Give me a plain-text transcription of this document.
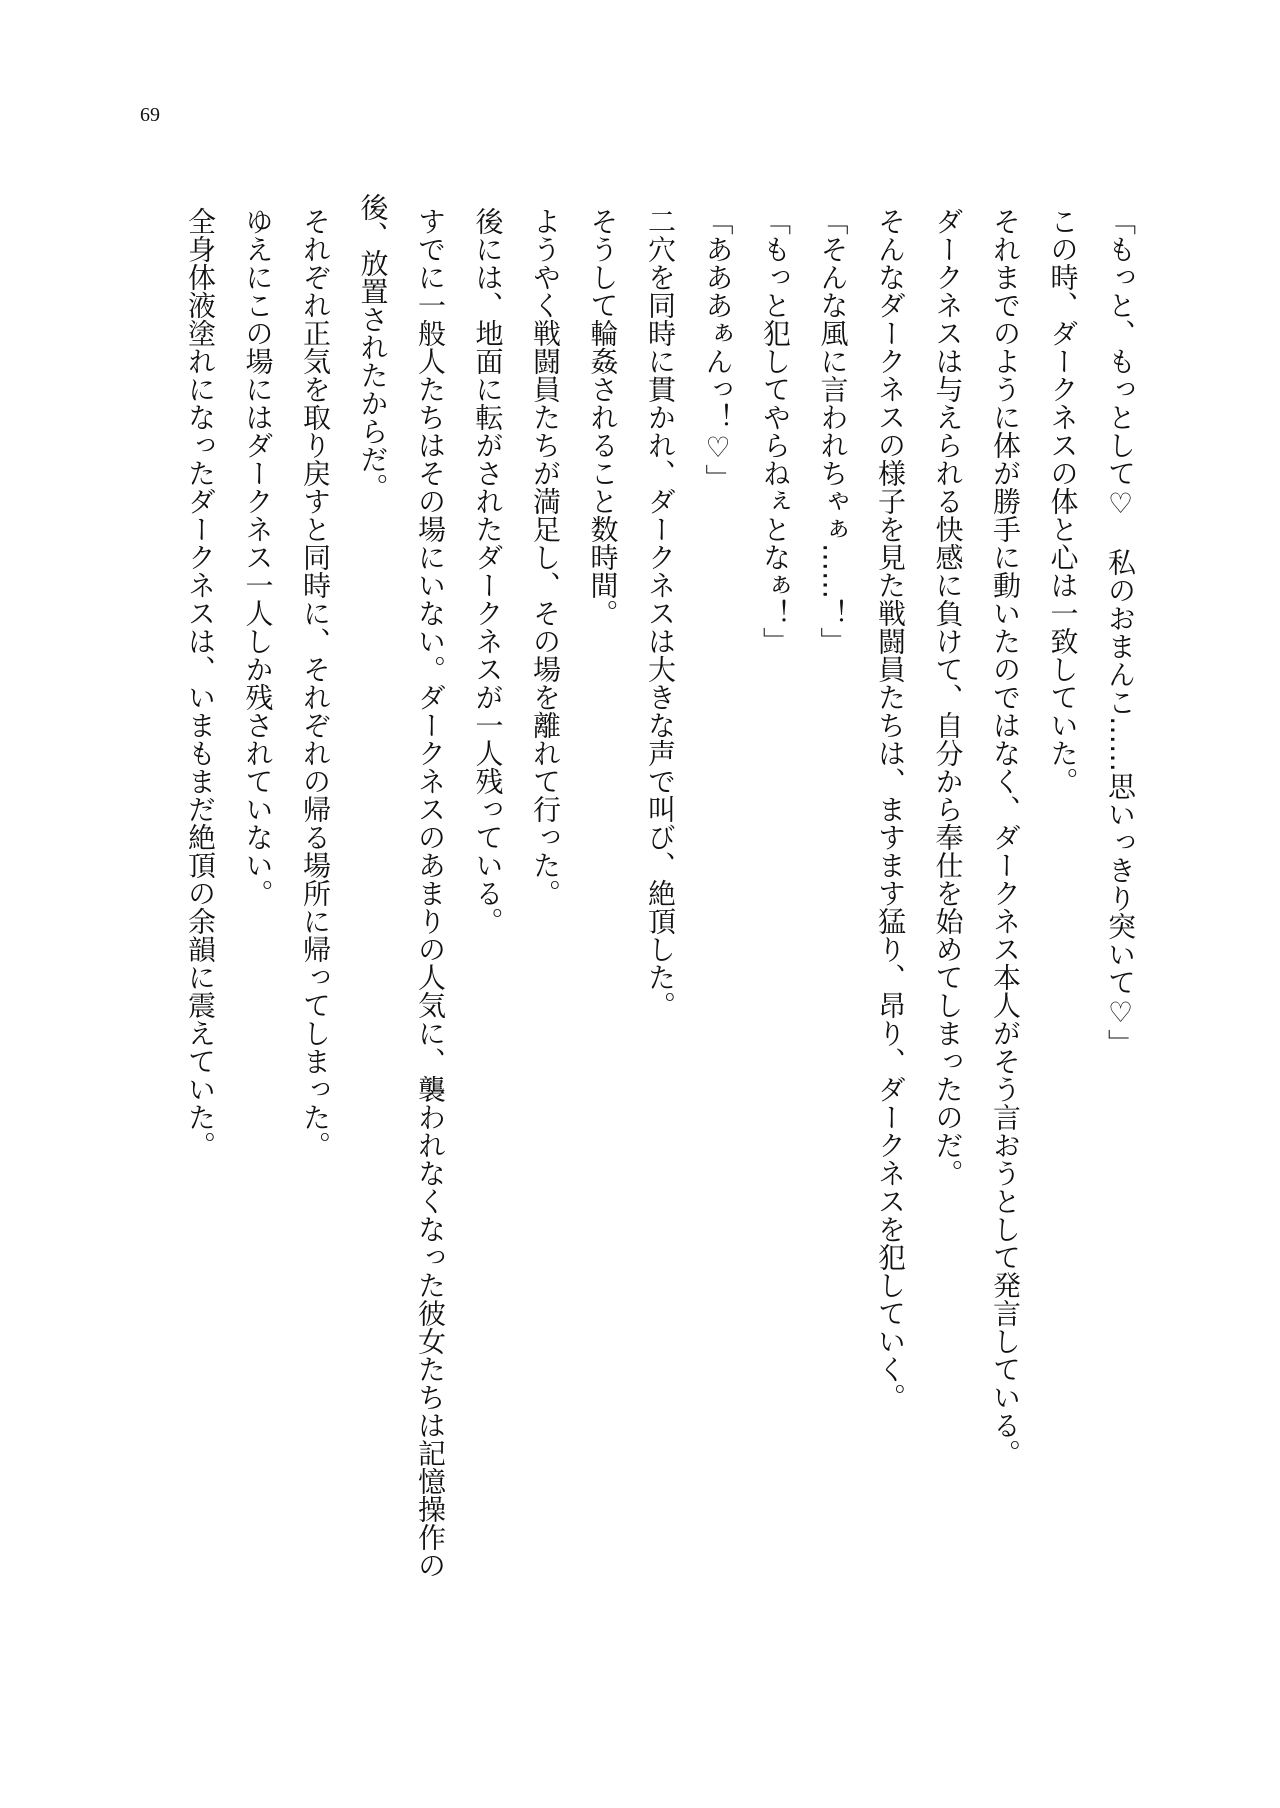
69
「もっと、もっとして♡　私のおまんこ……思いっきり突いて♡」
この時、ダークネスの体と心は一致していた。
それまでのように体が勝手に動いたのではなく、ダークネス本人がそう言おうとして発言している。
ダークネスは与えられる快感に負けて、自分から奉仕を始めてしまったのだ。
そんなダークネスの様子を見た戦闘員たちは、ますます猛り、昂り、ダークネスを犯していく。
「そんな風に言われちゃぁ……！」
「もっと犯してやらねぇとなぁ！」
「あああぁんっ！♡」
二穴を同時に貫かれ、ダークネスは大きな声で叫び、絶頂した。
そうして輪姦されること数時間。
ようやく戦闘員たちが満足し、その場を離れて行った。
後には、地面に転がされたダークネスが一人残っている。
すでに一般人たちはその場にいない。ダークネスのあまりの人気に、襲われなくなった彼女たちは記憶操作の
後、放置されたからだ。
それぞれ正気を取り戻すと同時に、それぞれの帰る場所に帰ってしまった。
ゆえにこの場にはダークネス一人しか残されていない。
全身体液塗れになったダークネスは、いまもまだ絶頂の余韻に震えていた。
